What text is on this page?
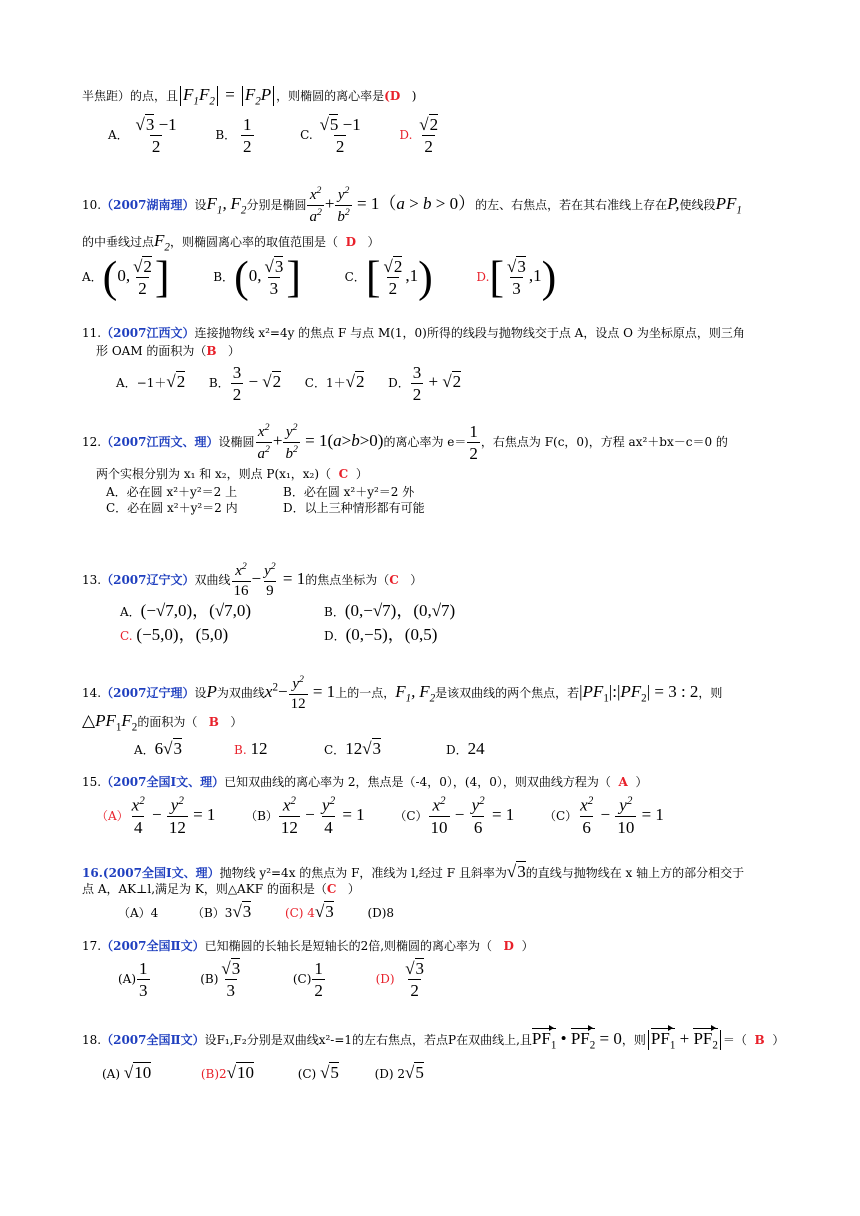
半焦距）的点，且 $F_1F_2 = F_2P$ ，则椭圆的离心率是(D )
A． $\frac{√3 -1}{2}$	B． $\frac{1}{2}$	C. $\frac{√5 -1}{2}$	D. $\frac{√2}{2}$
10.（2007湖南理）设$F_1$, $F_2$分别是椭圆 $\frac{x^2}{a^2} + \frac{y^2}{b^2} = 1(a > b > 0)$的左、右焦点，若在其右准线上存在P,使线段$PF_1$
的中垂线过点$F_2$，则椭圆离心率的取值范围是（ D ）
A．(0, $\frac{√2}{2}$ ]	B．(0, $\frac{√3}{3}$ ]	C．[ $\frac{√2}{2} ,1$)	$D.[ \frac{√3}{3} ,1)$
11.（2007江西文）连接抛物线 x²=4y 的焦点 F 与点 M(1，0)所得的线段与抛物线交于点 A，设点 O 为坐标原点，则三角
形 OAM 的面积为（B ）
A．−1＋√2 B． $\frac{3}{2} - √2$ C．1＋√2 D． $\frac{3}{2} + √2$
12.（2007江西文、理）设椭圆 $\frac{x^2}{a^2} + \frac{y^2}{b^2} = 1(a>b>0)$的离心率为 $e= \frac{1}{2}$ ，右焦点为 F(c，0)，方程 ax²＋bx－c＝0 的
两个实根分别为 x₁ 和 x₂，则点 P(x₁，x₂)（ C ）
A．必在圆 x²＋y²＝2 上	B．必在圆 x²＋y²＝2 外
C．必在圆 x²＋y²＝2 内	D．以上三种情形都有可能
13.（2007辽宁文）双曲线 $\frac{x^2}{16} - \frac{y^2}{9} = 1$的焦点坐标为（C ）
A．(−√7,0)，(√7,0)	B．(0,−√7)，(0,√7)
C. (−5,0)，(5,0)	D．(0,−5)，(0,5)
14.（2007辽宁理）设P为双曲线$x^2- \frac{y^2}{12} = 1$上的一点，$F_1$, $F_2$是该双曲线的两个焦点，若$|PF_1|:|PF_2| = 3$ : 2，则
$\triangle PF_1F_2$的面积为（ B ）
A．6√3	B. 12	C．12√3	D．24
15.（2007全国Ⅰ文、理）已知双曲线的离心率为 2，焦点是（-4，0），(4，0），则双曲线方程为（ A ）
$(A) \frac{x^2}{4} - \frac{y^2}{12} = 1$ $(B) \frac{x^2}{12} - \frac{y^2}{4} = 1$ $(C) \frac{x^2}{10} - \frac{y^2}{6} = 1$ $(C) \frac{x^2}{6} - \frac{y^2}{10} = 1$
16.(2007全国Ⅰ文、理）抛物线 y²=4x 的焦点为 F，准线为 l,经过 F 且斜率为√3的直线与抛物线在 x 轴上方的部分相交于
点 A，AK⊥l,满足为 K，则△AKF 的面积是（C ）
（A）4	（B）3√3	(C) 4√3	(D)8
17.（2007全国Ⅱ文）已知椭圆的长轴长是短轴长的2倍,则椭圆的离心率为（ D ）
$(A) \frac{1}{3}$	$(B) \frac{√3}{3}$	$(C) \frac{1}{2}$	$(D) \frac{√3}{2}$
18.（2007全国Ⅱ文）设F₁,F₂分别是双曲线x²-=1的左右焦点，若点P在双曲线上,且$PF_1$ • $PF_2 = 0$，则 $PF_1 + PF_2$ ＝（ B ）
(A) √10	(B)2√10	(C) √5	(D) 2√5
